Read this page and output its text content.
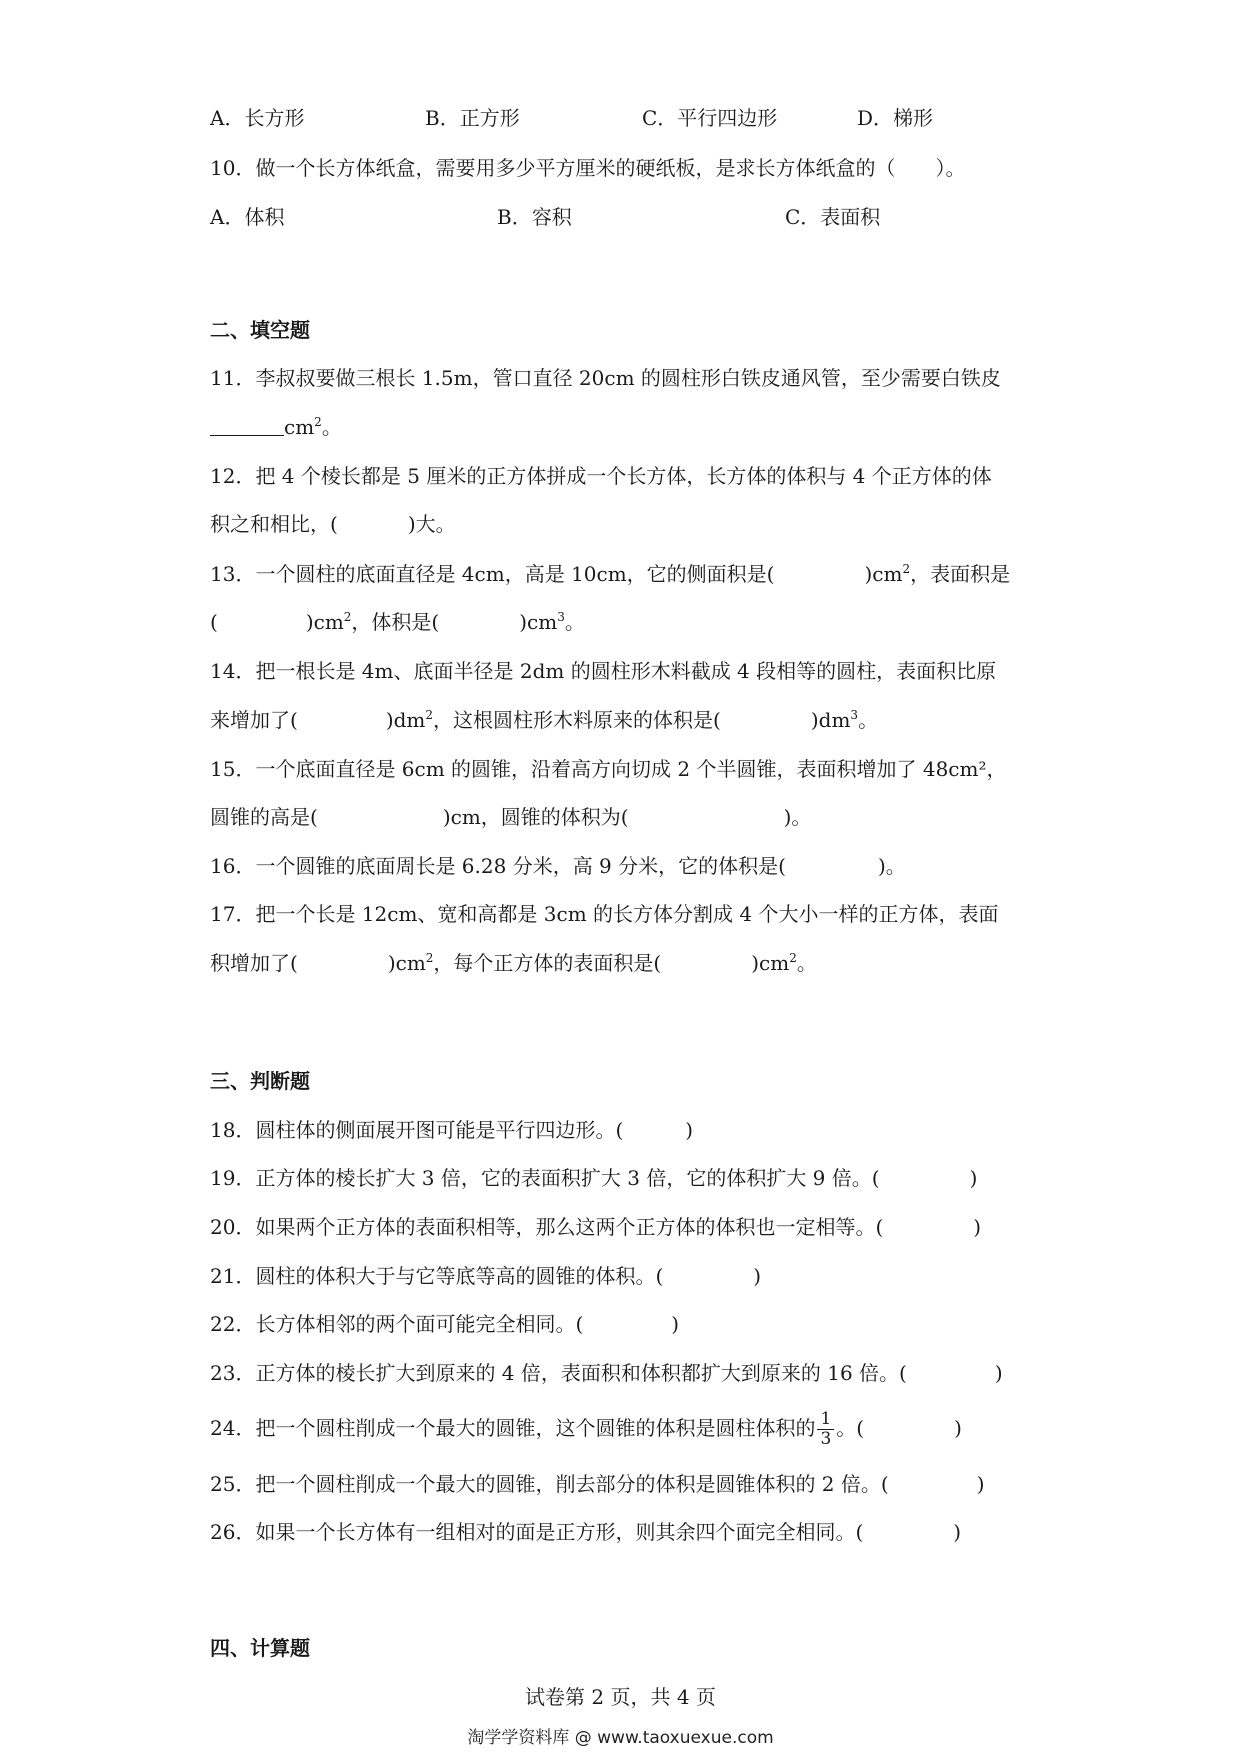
A．长方形	B．正方形	C．平行四边形	D．梯形
10．做一个长方体纸盒，需要用多少平方厘米的硬纸板，是求长方体纸盒的（　　）。
A．体积	B．容积	C．表面积
二、填空题
11．李叔叔要做三根长 1.5m，管口直径 20cm 的圆柱形白铁皮通风管，至少需要白铁皮
$cm^2$。
12．把 4 个棱长都是 5 厘米的正方体拼成一个长方体，长方体的体积与 4 个正方体的体
积之和相比，(	)大。
13．一个圆柱的底面直径是 4cm，高是 10cm，它的侧面积是(	)$cm^2$，表面积是
(	)$cm^2$，体积是(	)$cm^3$。
14．把一根长是 4m、底面半径是 2dm 的圆柱形木料截成 4 段相等的圆柱，表面积比原
来增加了(	)$dm^2$，这根圆柱形木料原来的体积是(	)$dm^3$。
15．一个底面直径是 6cm 的圆锥，沿着高方向切成 2 个半圆锥，表面积增加了 48cm²，
圆锥的高是(	)cm，圆锥的体积为(	)。
16．一个圆锥的底面周长是 6.28 分米，高 9 分米，它的体积是(	)。
17．把一个长是 12cm、宽和高都是 3cm 的长方体分割成 4 个大小一样的正方体，表面
积增加了(	)$cm^2$，每个正方体的表面积是(	)$cm^2$。
三、判断题
18．圆柱体的侧面展开图可能是平行四边形。(	)
19．正方体的棱长扩大 3 倍，它的表面积扩大 3 倍，它的体积扩大 9 倍。(	)
20．如果两个正方体的表面积相等，那么这两个正方体的体积也一定相等。(	)
21．圆柱的体积大于与它等底等高的圆锥的体积。(	)
22．长方体相邻的两个面可能完全相同。(	)
23．正方体的棱长扩大到原来的 4 倍，表面积和体积都扩大到原来的 16 倍。(	)
24．把一个圆柱削成一个最大的圆锥，这个圆锥的体积是圆柱体积的 $\frac{1}{3}$ 。(	)
25．把一个圆柱削成一个最大的圆锥，削去部分的体积是圆锥体积的 2 倍。(	)
26．如果一个长方体有一组相对的面是正方形，则其余四个面完全相同。(	)
四、计算题
试卷第 2 页，共 4 页
淘学学资料库 @ www.taoxuexue.com
